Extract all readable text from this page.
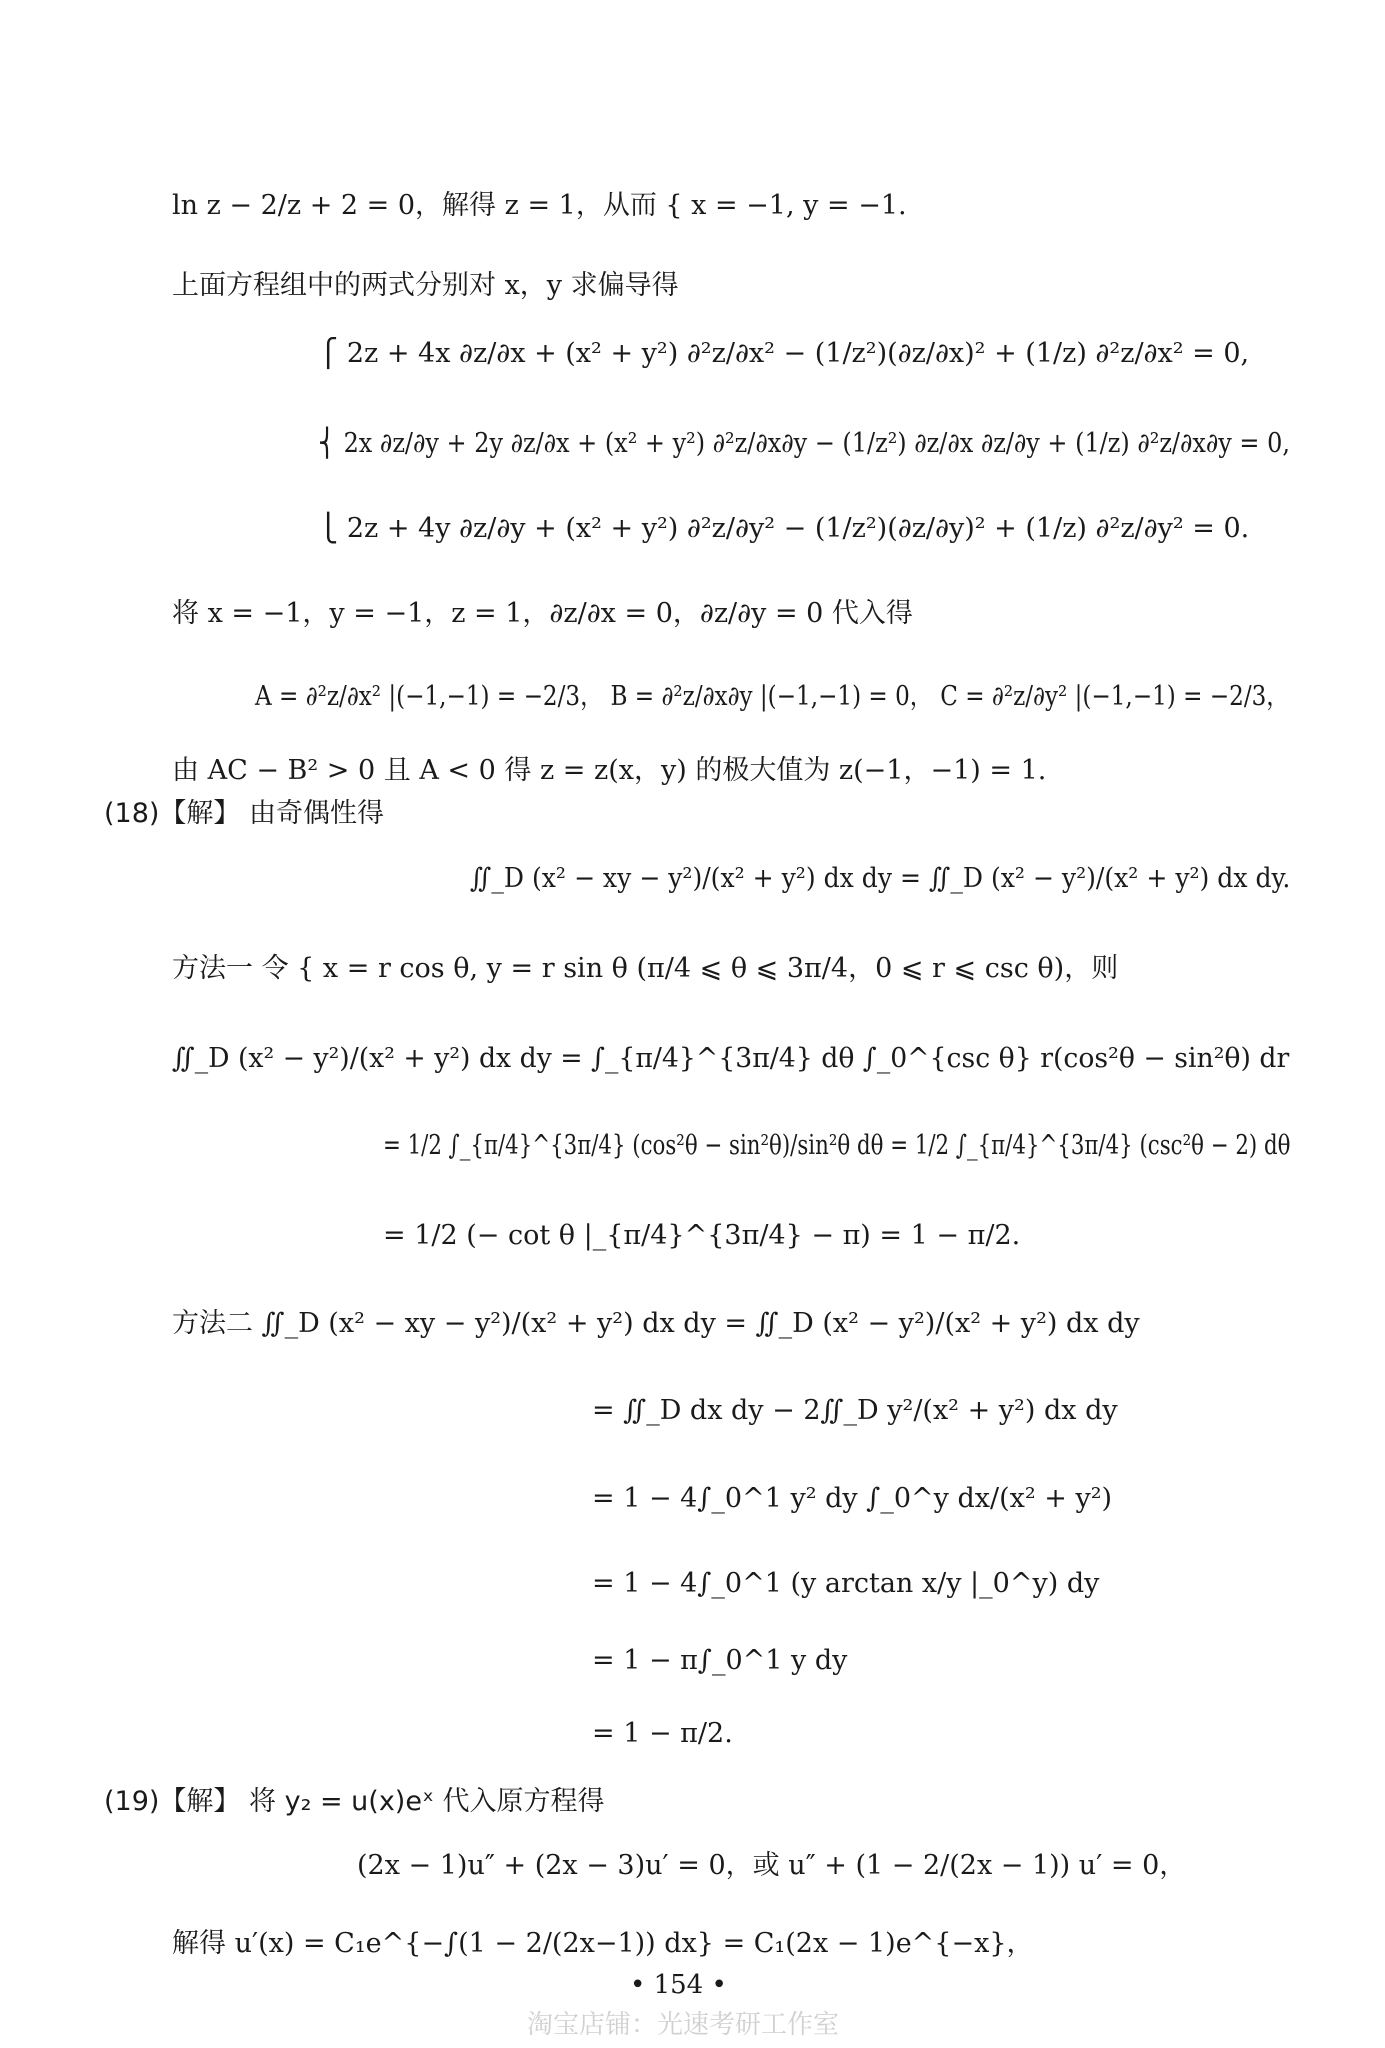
ln z − 2/z + 2 = 0，解得 z = 1，从而 { x = −1, y = −1.
上面方程组中的两式分别对 x，y 求偏导得
⎧ 2z + 4x ∂z/∂x + (x² + y²) ∂²z/∂x² − (1/z²)(∂z/∂x)² + (1/z) ∂²z/∂x² = 0,
⎨ 2x ∂z/∂y + 2y ∂z/∂x + (x² + y²) ∂²z/∂x∂y − (1/z²) ∂z/∂x ∂z/∂y + (1/z) ∂²z/∂x∂y = 0,
⎩ 2z + 4y ∂z/∂y + (x² + y²) ∂²z/∂y² − (1/z²)(∂z/∂y)² + (1/z) ∂²z/∂y² = 0.
将 x = −1，y = −1，z = 1，∂z/∂x = 0，∂z/∂y = 0 代入得
A = ∂²z/∂x² |(−1,−1) = −2/3， B = ∂²z/∂x∂y |(−1,−1) = 0， C = ∂²z/∂y² |(−1,−1) = −2/3，
由 AC − B² > 0 且 A < 0 得 z = z(x，y) 的极大值为 z(−1，−1) = 1.
(18)【解】 由奇偶性得
∬_D (x² − xy − y²)/(x² + y²) dx dy = ∬_D (x² − y²)/(x² + y²) dx dy.
方法一 令 { x = r cos θ, y = r sin θ (π/4 ⩽ θ ⩽ 3π/4，0 ⩽ r ⩽ csc θ)，则
∬_D (x² − y²)/(x² + y²) dx dy = ∫_{π/4}^{3π/4} dθ ∫_0^{csc θ} r(cos²θ − sin²θ) dr
= 1/2 ∫_{π/4}^{3π/4} (cos²θ − sin²θ)/sin²θ dθ = 1/2 ∫_{π/4}^{3π/4} (csc²θ − 2) dθ
= 1/2 (− cot θ |_{π/4}^{3π/4} − π) = 1 − π/2.
方法二 ∬_D (x² − xy − y²)/(x² + y²) dx dy = ∬_D (x² − y²)/(x² + y²) dx dy
= ∬_D dx dy − 2∬_D y²/(x² + y²) dx dy
= 1 − 4∫_0^1 y² dy ∫_0^y dx/(x² + y²)
= 1 − 4∫_0^1 (y arctan x/y |_0^y) dy
= 1 − π∫_0^1 y dy
= 1 − π/2.
(19)【解】 将 y₂ = u(x)eˣ 代入原方程得
(2x − 1)u″ + (2x − 3)u′ = 0，或 u″ + (1 − 2/(2x − 1)) u′ = 0，
解得 u′(x) = C₁e^{−∫(1 − 2/(2x−1)) dx} = C₁(2x − 1)e^{−x}，
• 154 •
淘宝店铺：光速考研工作室
